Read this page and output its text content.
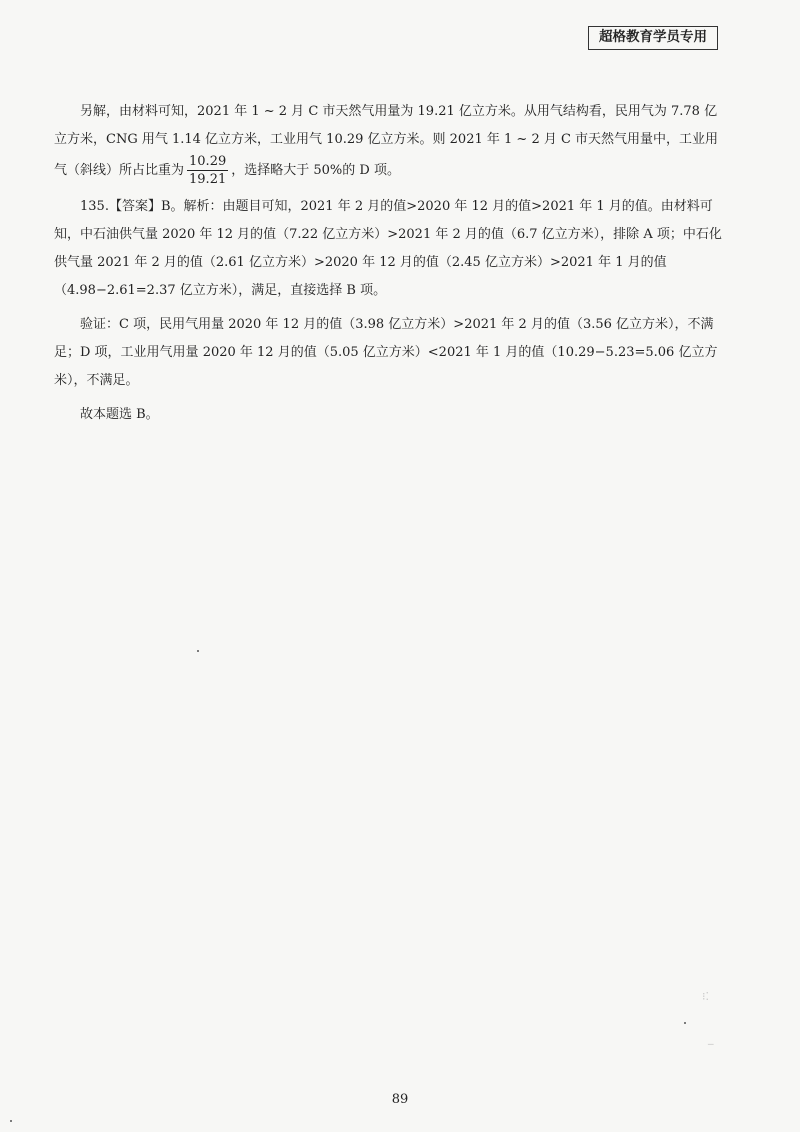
超格教育学员专用

另解，由材料可知，2021 年 1 ~ 2 月 C 市天然气用量为 19.21 亿立方米。从用气结构看，民用气为 7.78 亿立方米，CNG 用气 1.14 亿立方米，工业用气 10.29 亿立方米。则 2021 年 1 ~ 2 月 C 市天然气用量中，工业用气（斜线）所占比重为 $\frac{10.29}{19.21}$ ，选择略大于 50%的 D 项。

135.【答案】B。解析：由题目可知，2021 年 2 月的值>2020 年 12 月的值>2021 年 1 月的值。由材料可知，中石油供气量 2020 年 12 月的值（7.22 亿立方米）>2021 年 2 月的值（6.7 亿立方米），排除 A 项；中石化供气量 2021 年 2 月的值（2.61 亿立方米）>2020 年 12 月的值（2.45 亿立方米）>2021 年 1 月的值（4.98−2.61=2.37 亿立方米），满足，直接选择 B 项。

验证：C 项，民用气用量 2020 年 12 月的值（3.98 亿立方米）>2021 年 2 月的值（3.56 亿立方米），不满足；D 项，工业用气用量 2020 年 12 月的值（5.05 亿立方米）<2021 年 1 月的值（10.29−5.23=5.06 亿立方米），不满足。

故本题选 B。

⁝⁚
_
89
